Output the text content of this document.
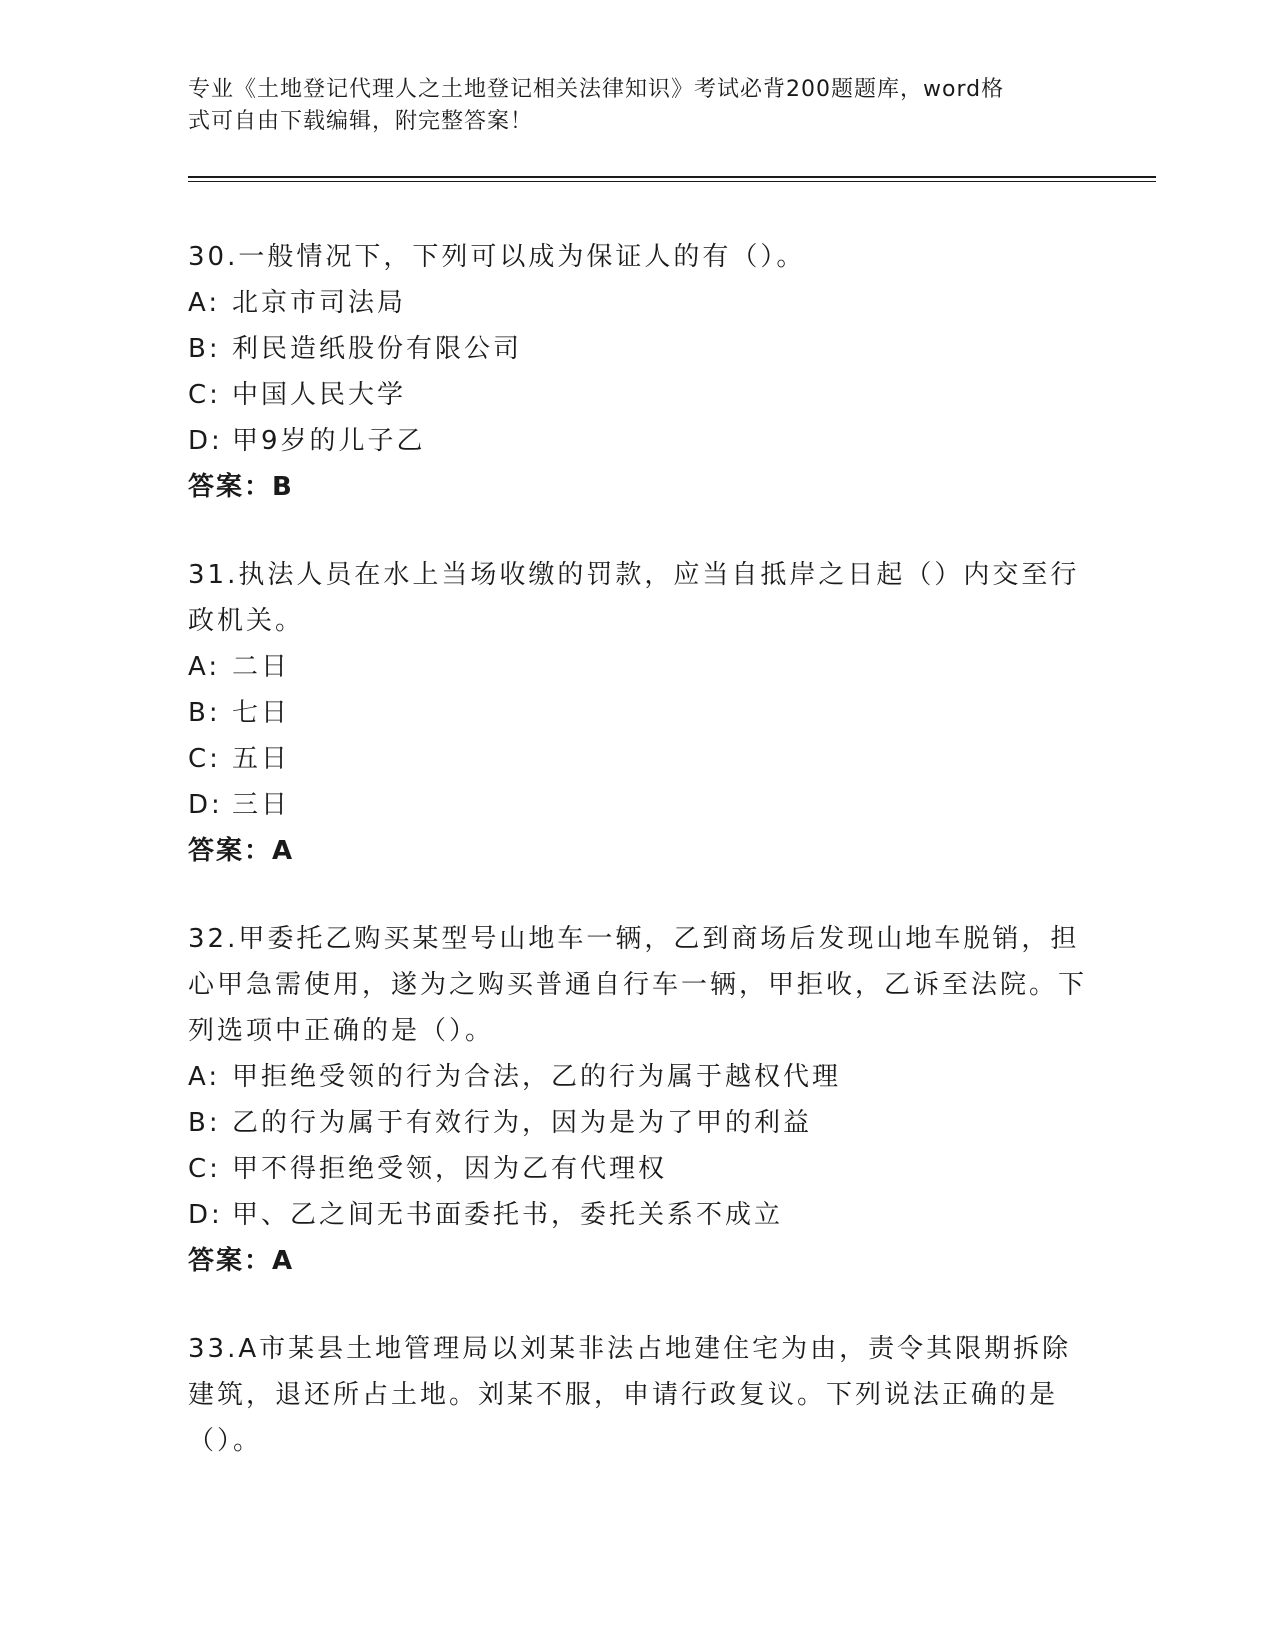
专业《土地登记代理人之土地登记相关法律知识》考试必背200题题库，word格
式可自由下载编辑，附完整答案！

30.一般情况下，下列可以成为保证人的有（）。

A: 北京市司法局

B: 利民造纸股份有限公司

C: 中国人民大学

D: 甲9岁的儿子乙

答案：B

31.执法人员在水上当场收缴的罚款，应当自抵岸之日起（）内交至行政机关。

A: 二日

B: 七日

C: 五日

D: 三日

答案：A

32.甲委托乙购买某型号山地车一辆，乙到商场后发现山地车脱销，担心甲急需使用，遂为之购买普通自行车一辆，甲拒收，乙诉至法院。下列选项中正确的是（）。

A: 甲拒绝受领的行为合法，乙的行为属于越权代理

B: 乙的行为属于有效行为，因为是为了甲的利益

C: 甲不得拒绝受领，因为乙有代理权

D: 甲、乙之间无书面委托书，委托关系不成立

答案：A

33.A市某县土地管理局以刘某非法占地建住宅为由，责令其限期拆除建筑，退还所占土地。刘某不服，申请行政复议。下列说法正确的是（）。
